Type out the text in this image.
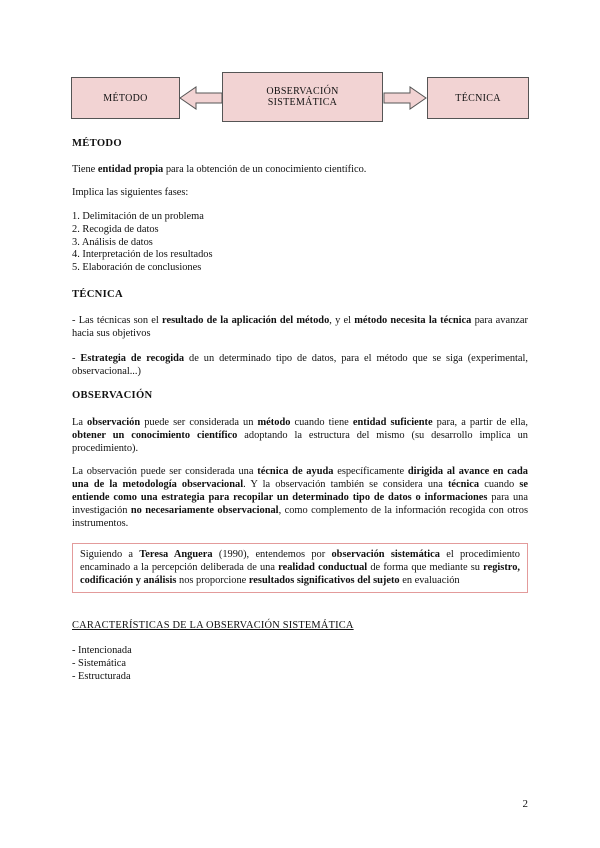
MÉTODO
OBSERVACIÓN
SISTEMÁTICA	TÉCNICA
MÉTODO
Tiene entidad propia para la obtención de un conocimiento científico.
Implica las siguientes fases:
1. Delimitación de un problema
2. Recogida de datos
3. Análisis de datos
4. Interpretación de los resultados
5. Elaboración de conclusiones
TÉCNICA
- Las técnicas son el resultado de la aplicación del método, y el método necesita la técnica para avanzar hacia sus objetivos
- Estrategia de recogida de un determinado tipo de datos, para el método que se siga (experimental, observacional...)
OBSERVACIÓN
La observación puede ser considerada un método cuando tiene entidad suficiente para, a partir de ella, obtener un conocimiento científico adoptando la estructura del mismo (su desarrollo implica un procedimiento).
La observación puede ser considerada una técnica de ayuda específicamente dirigida al avance en cada una de la metodología observacional. Y la observación también se considera una técnica cuando se entiende como una estrategia para recopilar un determinado tipo de datos o informaciones para una investigación no necesariamente observacional, como complemento de la información recogida con otros instrumentos.
Siguiendo a Teresa Anguera (1990), entendemos por observación sistemática el procedimiento encaminado a la percepción deliberada de una realidad conductual de forma que mediante su registro, codificación y análisis nos proporcione resultados significativos del sujeto en evaluación
CARACTERÍSTICAS DE LA OBSERVACIÓN SISTEMÁTICA
- Intencionada
- Sistemática
- Estructurada
2
